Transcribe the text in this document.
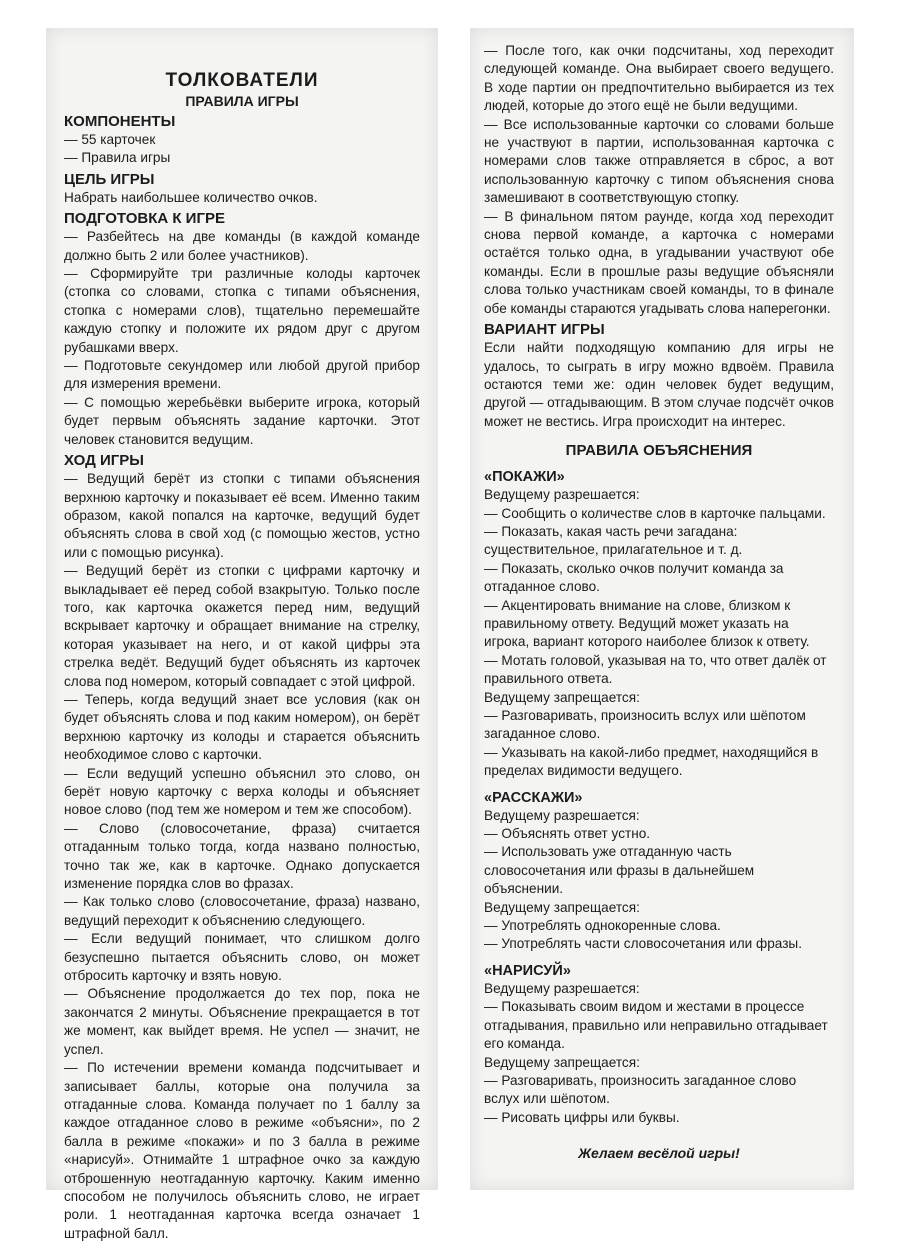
ТОЛКОВАТЕЛИ
ПРАВИЛА ИГРЫ
КОМПОНЕНТЫ

— 55 карточек

— Правила игры

ЦЕЛЬ ИГРЫ

Набрать наибольшее количество очков.

ПОДГОТОВКА К ИГРЕ

— Разбейтесь на две команды (в каждой команде должно быть 2 или более участников).

— Сформируйте три различные колоды карточек (стопка со словами, стопка с типами объяснения, стопка с номерами слов), тщательно перемешайте каждую стопку и положите их рядом друг с другом рубашками вверх.

— Подготовьте секундомер или любой другой прибор для измерения времени.

— С помощью жеребьёвки выберите игрока, который будет первым объяснять задание карточки. Этот человек становится ведущим.

ХОД ИГРЫ

— Ведущий берёт из стопки с типами объяснения верхнюю карточку и показывает её всем. Именно таким образом, какой попался на карточке, ведущий будет объяснять слова в свой ход (с помощью жестов, устно или с помощью рисунка).

— Ведущий берёт из стопки с цифрами карточку и выкладывает её перед собой взакрытую. Только после того, как карточка окажется перед ним, ведущий вскрывает карточку и обращает внимание на стрелку, которая указывает на него, и от какой цифры эта стрелка ведёт. Ведущий будет объяснять из карточек слова под номером, который совпадает с этой цифрой.

— Теперь, когда ведущий знает все условия (как он будет объяснять слова и под каким номером), он берёт верхнюю карточку из колоды и старается объяснить необходимое слово с карточки.

— Если ведущий успешно объяснил это слово, он берёт новую карточку с верха колоды и объясняет новое слово (под тем же номером и тем же способом).

— Слово (словосочетание, фраза) считается отгаданным только тогда, когда названо полностью, точно так же, как в карточке. Однако допускается изменение порядка слов во фразах.

— Как только слово (словосочетание, фраза) названо, ведущий переходит к объяснению следующего.

— Если ведущий понимает, что слишком долго безуспешно пытается объяснить слово, он может отбросить карточку и взять новую.

— Объяснение продолжается до тех пор, пока не закончатся 2 минуты. Объяснение прекращается в тот же момент, как выйдет время. Не успел — значит, не успел.

— По истечении времени команда подсчитывает и записывает баллы, которые она получила за отгаданные слова. Команда получает по 1 баллу за каждое отгаданное слово в режиме «объясни», по 2 балла в режиме «покажи» и по 3 балла в режиме «нарисуй». Отнимайте 1 штрафное очко за каждую отброшенную неотгаданную карточку. Каким именно способом не получилось объяснить слово, не играет роли. 1 неотгаданная карточка всегда означает 1 штрафной балл.

— После того, как очки подсчитаны, ход переходит следующей команде. Она выбирает своего ведущего. В ходе партии он предпочтительно выбирается из тех людей, которые до этого ещё не были ведущими.

— Все использованные карточки со словами больше не участвуют в партии, использованная карточка с номерами слов также отправляется в сброс, а вот использованную карточку с типом объяснения снова замешивают в соответствующую стопку.

— В финальном пятом раунде, когда ход переходит снова первой команде, а карточка с номерами остаётся только одна, в угадывании участвуют обе команды. Если в прошлые разы ведущие объясняли слова только участникам своей команды, то в финале обе команды стараются угадывать слова наперегонки.

ВАРИАНТ ИГРЫ

Если найти подходящую компанию для игры не удалось, то сыграть в игру можно вдвоём. Правила остаются теми же: один человек будет ведущим, другой — отгадывающим. В этом случае подсчёт очков может не вестись. Игра происходит на интерес.

ПРАВИЛА ОБЪЯСНЕНИЯ
«ПОКАЖИ»
Ведущему разрешается:
— Сообщить о количестве слов в карточке пальцами.
— Показать, какая часть речи загадана: существительное, прилагательное и т. д.
— Показать, сколько очков получит команда за отгаданное слово.
— Акцентировать внимание на слове, близком к правильному ответу. Ведущий может указать на игрока, вариант которого наиболее близок к ответу.
— Мотать головой, указывая на то, что ответ далёк от правильного ответа.
Ведущему запрещается:
— Разговаривать, произносить вслух или шёпотом загаданное слово.
— Указывать на какой-либо предмет, находящийся в пределах видимости ведущего.
«РАССКАЖИ»
Ведущему разрешается:
— Объяснять ответ устно.
— Использовать уже отгаданную часть словосочетания или фразы в дальнейшем объяснении.
Ведущему запрещается:
— Употреблять однокоренные слова.
— Употреблять части словосочетания или фразы.
«НАРИСУЙ»
Ведущему разрешается:
— Показывать своим видом и жестами в процессе отгадывания, правильно или неправильно отгадывает его команда.
Ведущему запрещается:
— Разговаривать, произносить загаданное слово вслух или шёпотом.
— Рисовать цифры или буквы.
Желаем весёлой игры!
